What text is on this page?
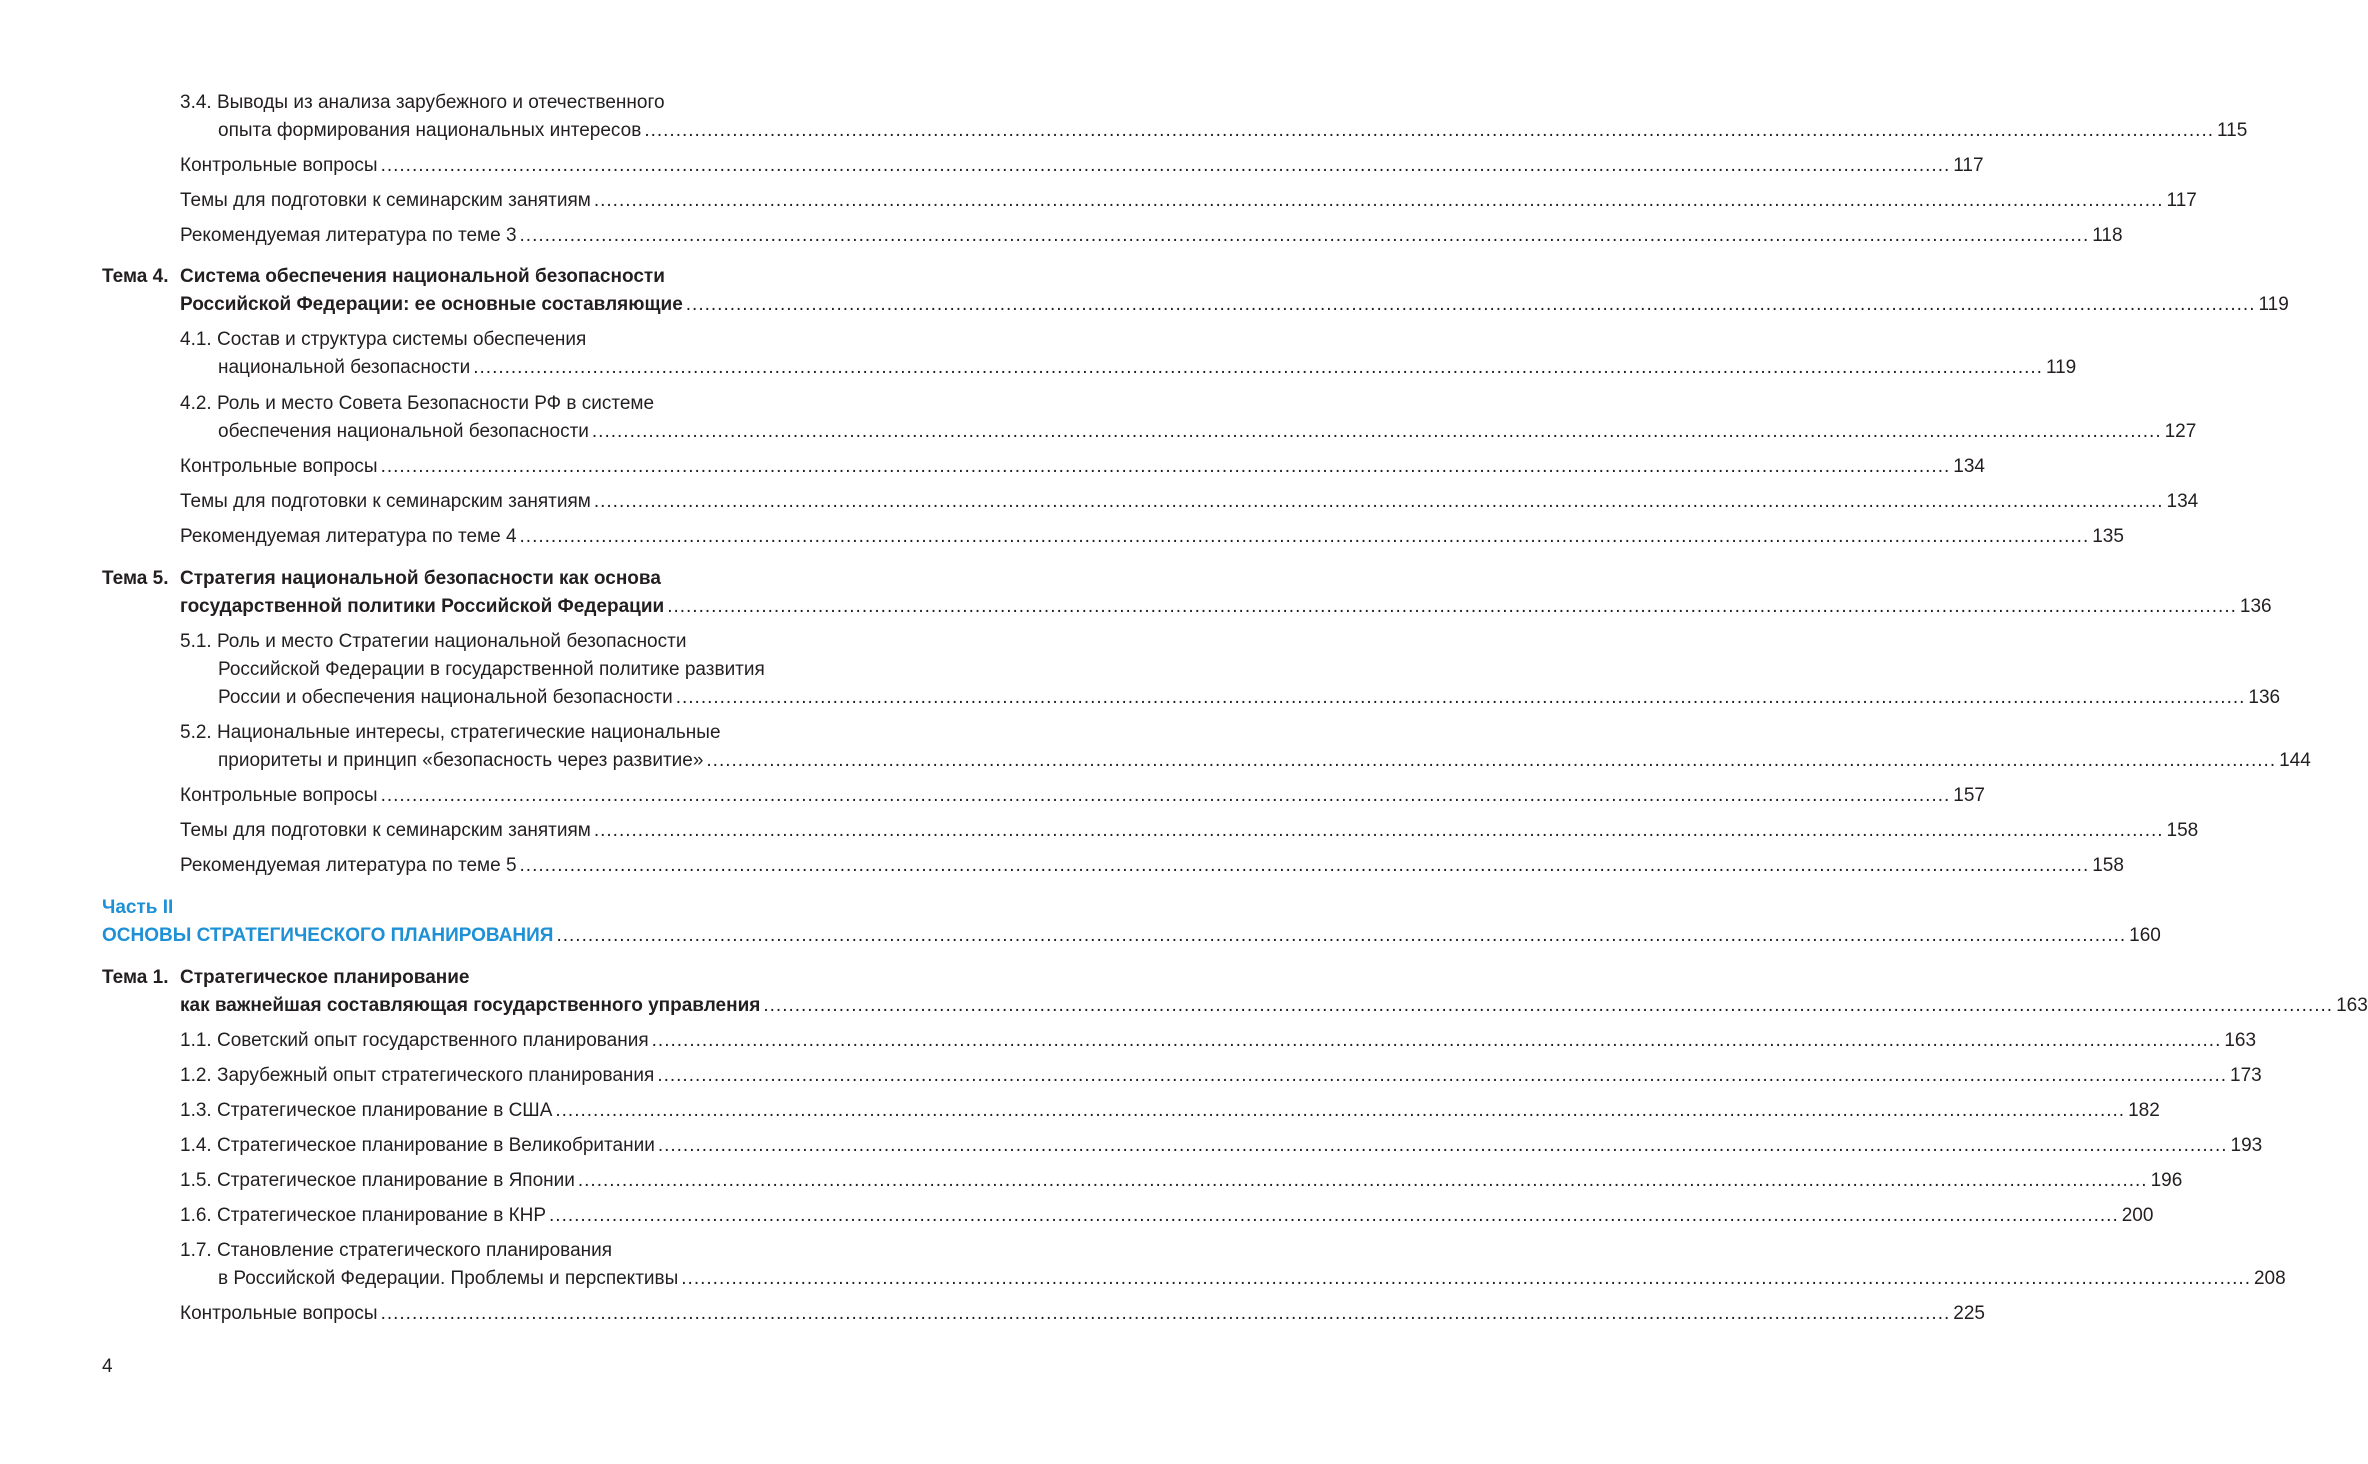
3.4. Выводы из анализа зарубежного и отечественного
опыта формирования национальных интересов .....	115
Контрольные вопросы .....	117
Темы для подготовки к семинарским занятиям .....	117
Рекомендуемая литература по теме 3 .....	118
Тема 4. Система обеспечения национальной безопасности
Российской Федерации: ее основные составляющие .....	119
4.1. Состав и структура системы обеспечения
национальной безопасности .....	119
4.2. Роль и место Совета Безопасности РФ в системе
обеспечения национальной безопасности .....	127
Контрольные вопросы .....	134
Темы для подготовки к семинарским занятиям .....	134
Рекомендуемая литература по теме 4 .....	135
Тема 5. Стратегия национальной безопасности как основа
государственной политики Российской Федерации .....	136
5.1. Роль и место Стратегии национальной безопасности
Российской Федерации в государственной политике развития
России и обеспечения национальной безопасности .....	136
5.2. Национальные интересы, стратегические национальные
приоритеты и принцип «безопасность через развитие» .....	144
Контрольные вопросы .....	157
Темы для подготовки к семинарским занятиям .....	158
Рекомендуемая литература по теме 5 .....	158
Часть II
ОСНОВЫ СТРАТЕГИЧЕСКОГО ПЛАНИРОВАНИЯ .....	160
Тема 1. Стратегическое планирование
как важнейшая составляющая государственного управления .....	163
1.1. Советский опыт государственного планирования .....	163
1.2. Зарубежный опыт стратегического планирования .....	173
1.3. Стратегическое планирование в США .....	182
1.4. Стратегическое планирование в Великобритании .....	193
1.5. Стратегическое планирование в Японии .....	196
1.6. Стратегическое планирование в КНР .....	200
1.7. Становление стратегического планирования
в Российской Федерации. Проблемы и перспективы .....	208
Контрольные вопросы .....	225
4
